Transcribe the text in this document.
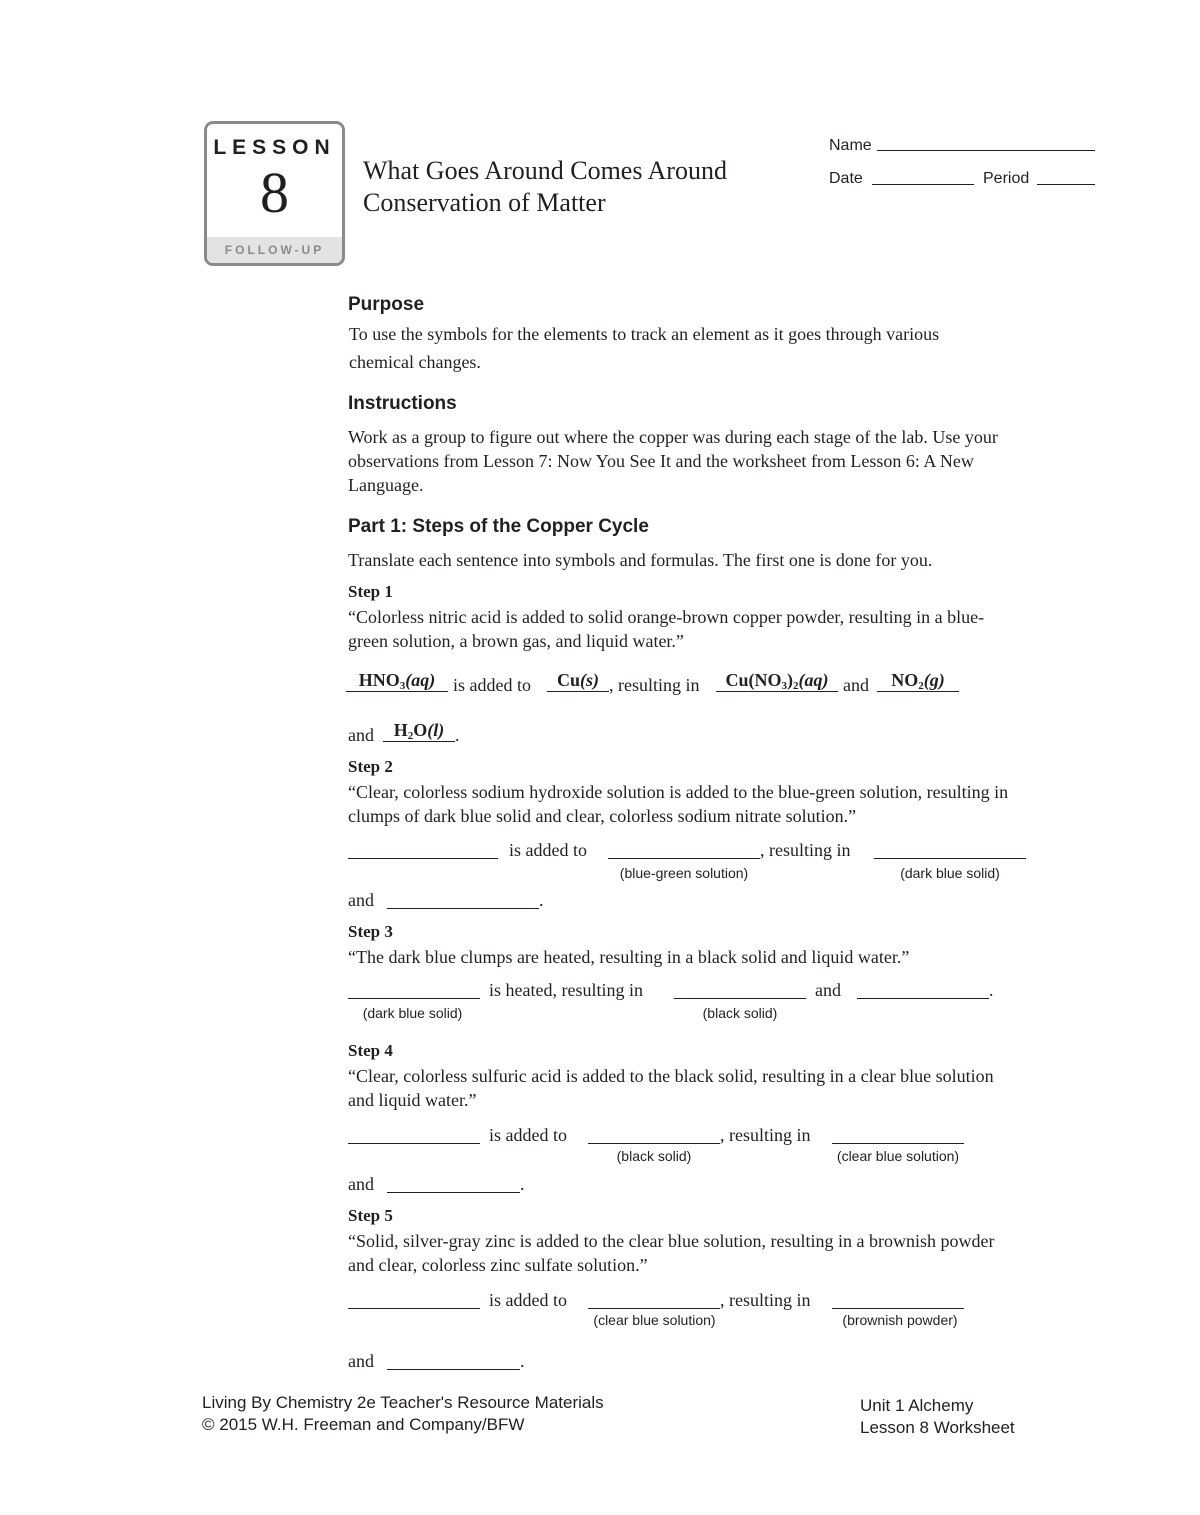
LESSON
8
FOLLOW-UP
What Goes Around Comes Around
Conservation of Matter
Name
Date	Period
Purpose
To use the symbols for the elements to track an element as it goes through various
chemical changes.
Instructions
Work as a group to figure out where the copper was during each stage of the lab. Use your
observations from Lesson 7: Now You See It and the worksheet from Lesson 6: A New
Language.
Part 1: Steps of the Copper Cycle
Translate each sentence into symbols and formulas. The first one is done for you.
Step 1
“Colorless nitric acid is added to solid orange-brown copper powder, resulting in a blue-
green solution, a brown gas, and liquid water.”
$HNO_3(aq)$ is added to	Cu(s) , resulting in	$Cu(NO_3)_2(aq)$ and	$NO_2(g)$
and	$H_2O(l)$ .
Step 2
“Clear, colorless sodium hydroxide solution is added to the blue-green solution, resulting in
clumps of dark blue solid and clear, colorless sodium nitrate solution.”
is added to	, resulting in
(blue-green solution)	(dark blue solid)
and	.
Step 3
“The dark blue clumps are heated, resulting in a black solid and liquid water.”
is heated, resulting in	and	.
(dark blue solid)	(black solid)
Step 4
“Clear, colorless sulfuric acid is added to the black solid, resulting in a clear blue solution
and liquid water.”
is added to	, resulting in
(black solid)	(clear blue solution)
and	.
Step 5
“Solid, silver-gray zinc is added to the clear blue solution, resulting in a brownish powder
and clear, colorless zinc sulfate solution.”
is added to	, resulting in
(clear blue solution)	(brownish powder)
and	.
Living By Chemistry 2e Teacher's Resource Materials
© 2015 W.H. Freeman and Company/BFW
Unit 1 Alchemy
Lesson 8 Worksheet
